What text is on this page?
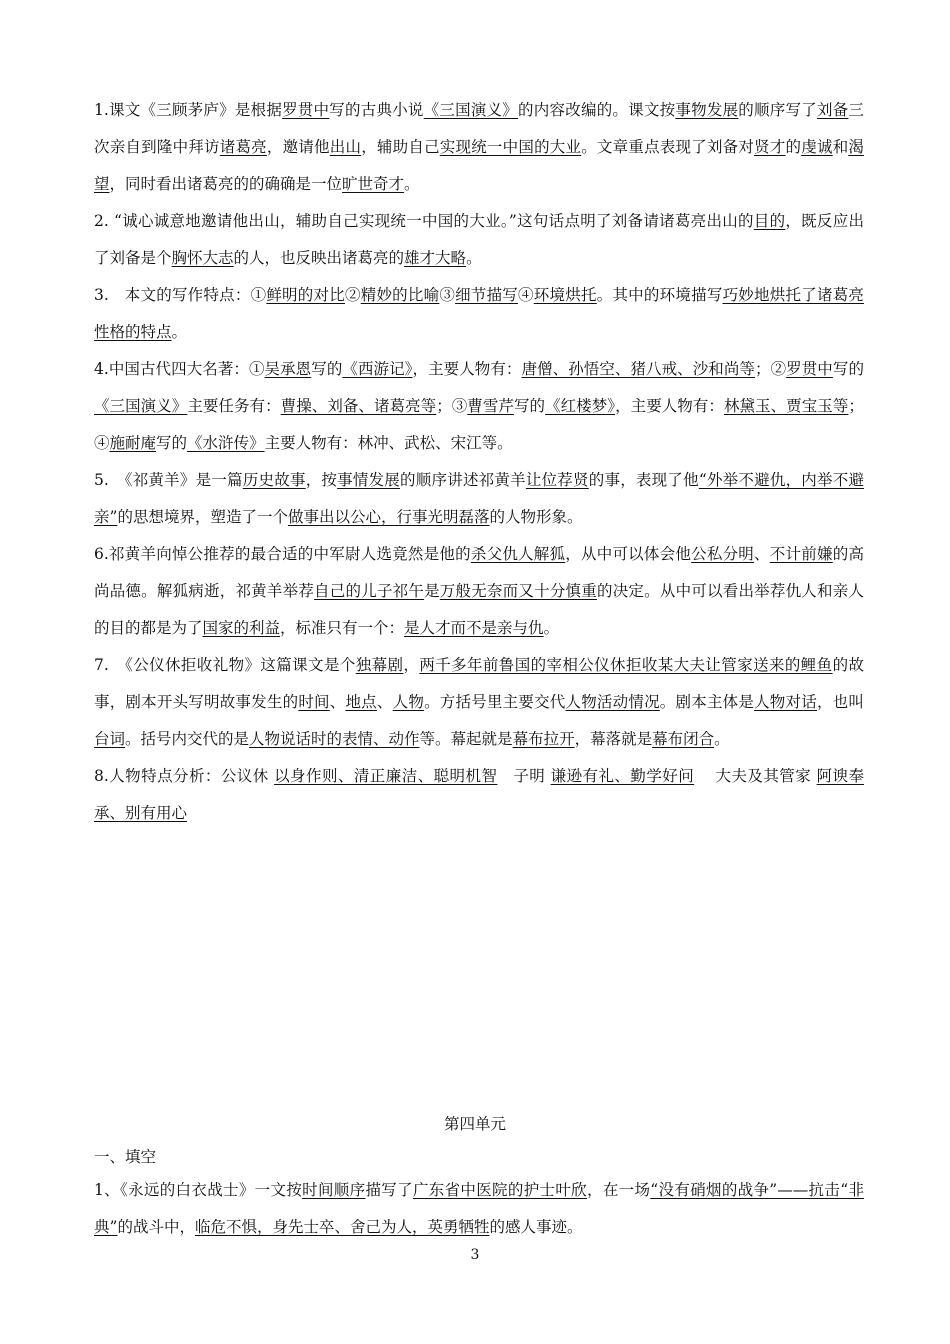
1.课文《三顾茅庐》是根据罗贯中写的古典小说《三国演义》的内容改编的。课文按事物发展的顺序写了刘备三次亲自到隆中拜访诸葛亮，邀请他出山，辅助自己实现统一中国的大业。文章重点表现了刘备对贤才的虔诚和渴望，同时看出诸葛亮的的确确是一位旷世奇才。

2. “诚心诚意地邀请他出山，辅助自己实现统一中国的大业。”这句话点明了刘备请诸葛亮出山的目的，既反应出了刘备是个胸怀大志的人，也反映出诸葛亮的雄才大略。

3.　本文的写作特点：①鲜明的对比②精妙的比喻③细节描写④环境烘托。其中的环境描写巧妙地烘托了诸葛亮性格的特点。

4.中国古代四大名著：①吴承恩写的《西游记》，主要人物有：唐僧、孙悟空、猪八戒、沙和尚等；②罗贯中写的《三国演义》主要任务有：曹操、刘备、诸葛亮等；③曹雪芹写的《红楼梦》，主要人物有：林黛玉、贾宝玉等；④施耐庵写的《水浒传》主要人物有：林冲、武松、宋江等。

5.　《祁黄羊》是一篇历史故事，按事情发展的顺序讲述祁黄羊让位荐贤的事，表现了他“外举不避仇，内举不避亲”的思想境界，塑造了一个做事出以公心，行事光明磊落的人物形象。

6.祁黄羊向悼公推荐的最合适的中军尉人选竟然是他的杀父仇人解狐，从中可以体会他公私分明、不计前嫌的高尚品德。解狐病逝，祁黄羊举荐自己的儿子祁午是万般无奈而又十分慎重的决定。从中可以看出举荐仇人和亲人的目的都是为了国家的利益，标准只有一个：是人才而不是亲与仇。

7.　《公仪休拒收礼物》这篇课文是个独幕剧，两千多年前鲁国的宰相公仪休拒收某大夫让管家送来的鲤鱼的故事，剧本开头写明故事发生的时间、地点、人物。方括号里主要交代人物活动情况。剧本主体是人物对话，也叫台词。括号内交代的是人物说话时的表情、动作等。幕起就是幕布拉开，幕落就是幕布闭合。

8.人物特点分析：公议休 以身作则、清正廉洁、聪明机智　子明 谦逊有礼、勤学好问　 大夫及其管家 阿谀奉承、别有用心

第四单元
一、填空

1、《永远的白衣战士》一文按时间顺序描写了广东省中医院的护士叶欣，在一场“没有硝烟的战争”——抗击“非典”的战斗中，临危不惧，身先士卒、舍己为人，英勇牺牲的感人事迹。

3
